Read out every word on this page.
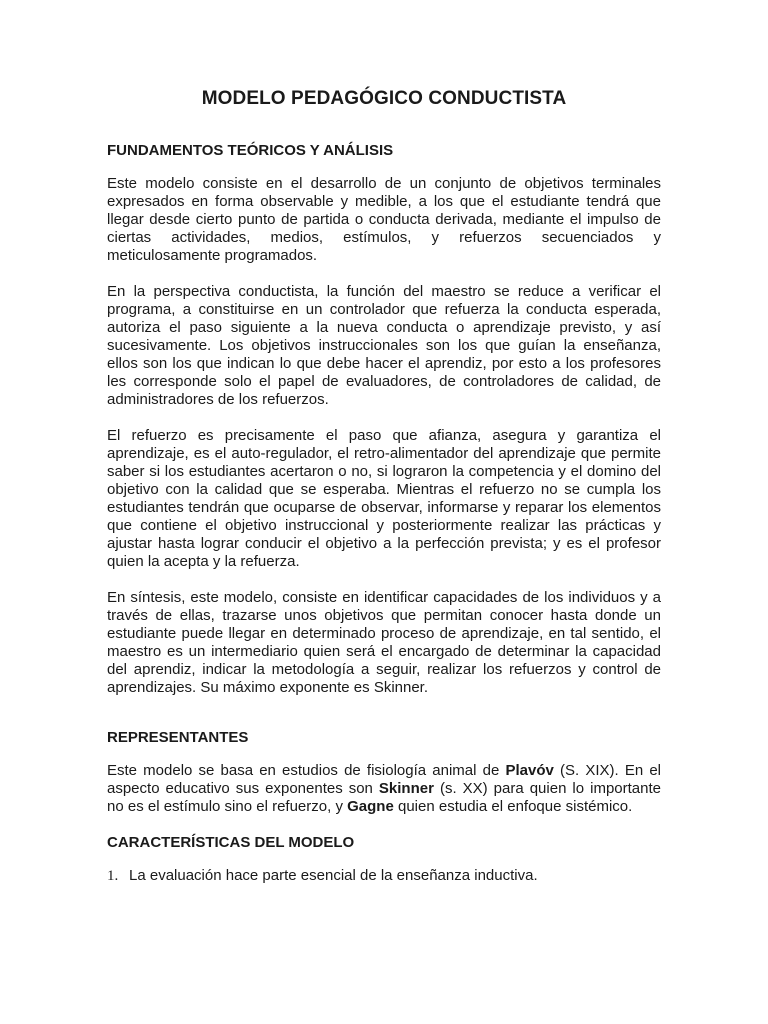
MODELO PEDAGÓGICO CONDUCTISTA
FUNDAMENTOS TEÓRICOS Y ANÁLISIS

Este modelo consiste en el desarrollo de un conjunto de objetivos terminales expresados en forma observable y medible, a los que el estudiante tendrá que llegar desde cierto punto de partida o conducta derivada, mediante el impulso de ciertas actividades, medios, estímulos, y refuerzos secuenciados y meticulosamente programados.

En la perspectiva conductista, la función del maestro se reduce a verificar el programa, a constituirse en un controlador que refuerza la conducta esperada, autoriza el paso siguiente a la nueva conducta o aprendizaje previsto, y así sucesivamente. Los objetivos instruccionales son los que guían la enseñanza, ellos son los que indican lo que debe hacer el aprendiz, por esto a los profesores les corresponde solo el papel de evaluadores, de controladores de calidad, de administradores de los refuerzos.

El refuerzo es precisamente el paso que afianza, asegura y garantiza el aprendizaje, es el auto-regulador, el retro-alimentador del aprendizaje que permite saber si los estudiantes acertaron o no, si lograron la competencia y el domino del objetivo con la calidad que se esperaba. Mientras el refuerzo no se cumpla los estudiantes tendrán que ocuparse de observar, informarse y reparar los elementos que contiene el objetivo instruccional y posteriormente realizar las prácticas y ajustar hasta lograr conducir el objetivo a la perfección prevista; y es el profesor quien la acepta y la refuerza.

En síntesis, este modelo, consiste en identificar capacidades de los individuos y a través de ellas, trazarse unos objetivos que permitan conocer hasta donde un estudiante puede llegar en determinado proceso de aprendizaje, en tal sentido, el maestro es un intermediario quien será el encargado de determinar la capacidad del aprendiz, indicar la metodología a seguir, realizar los refuerzos y control de aprendizajes. Su máximo exponente es Skinner.

REPRESENTANTES

Este modelo se basa en estudios de fisiología animal de Plavóv (S. XIX). En el aspecto educativo sus exponentes son Skinner (s. XX) para quien lo importante no es el estímulo sino el refuerzo, y Gagne quien estudia el enfoque sistémico.

CARACTERÍSTICAS DEL MODELO
1. La evaluación hace parte esencial de la enseñanza inductiva.
